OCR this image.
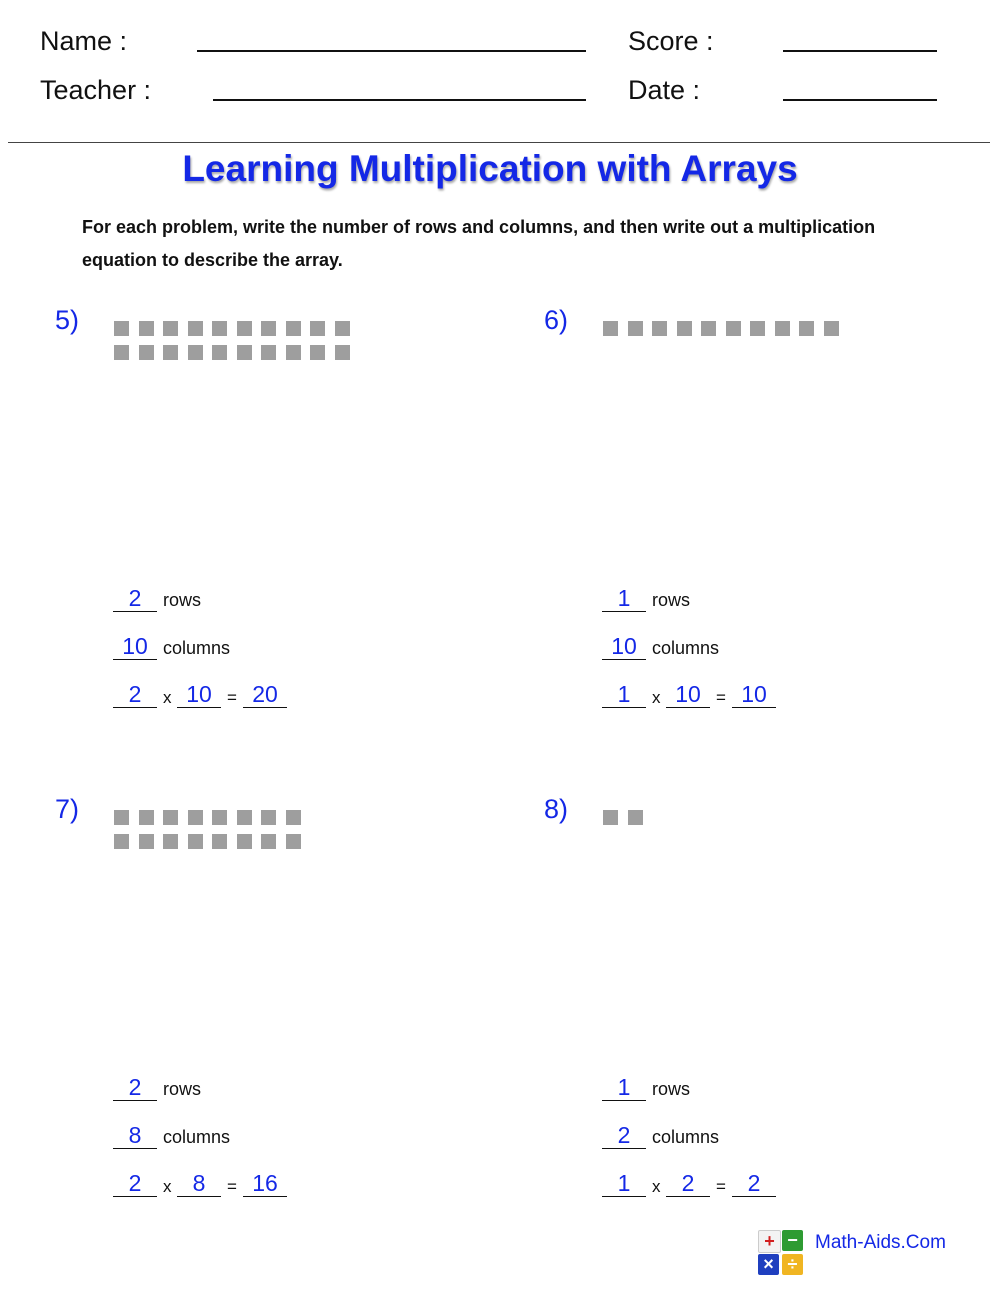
Name :
Teacher :
Score :
Date :
Learning Multiplication with Arrays
For each problem, write the number of rows and columns, and then write out a multiplication equation to describe the array.
5)
2	rows
10 columns
2	x 10 = 20
6)
1	rows
10 columns
1	x 10 = 10
7)
2	rows
8	columns
2	x 8	= 16
8)
1	rows
2	columns
1	x 2	= 2
+ −
× ÷
Math-Aids.Com
